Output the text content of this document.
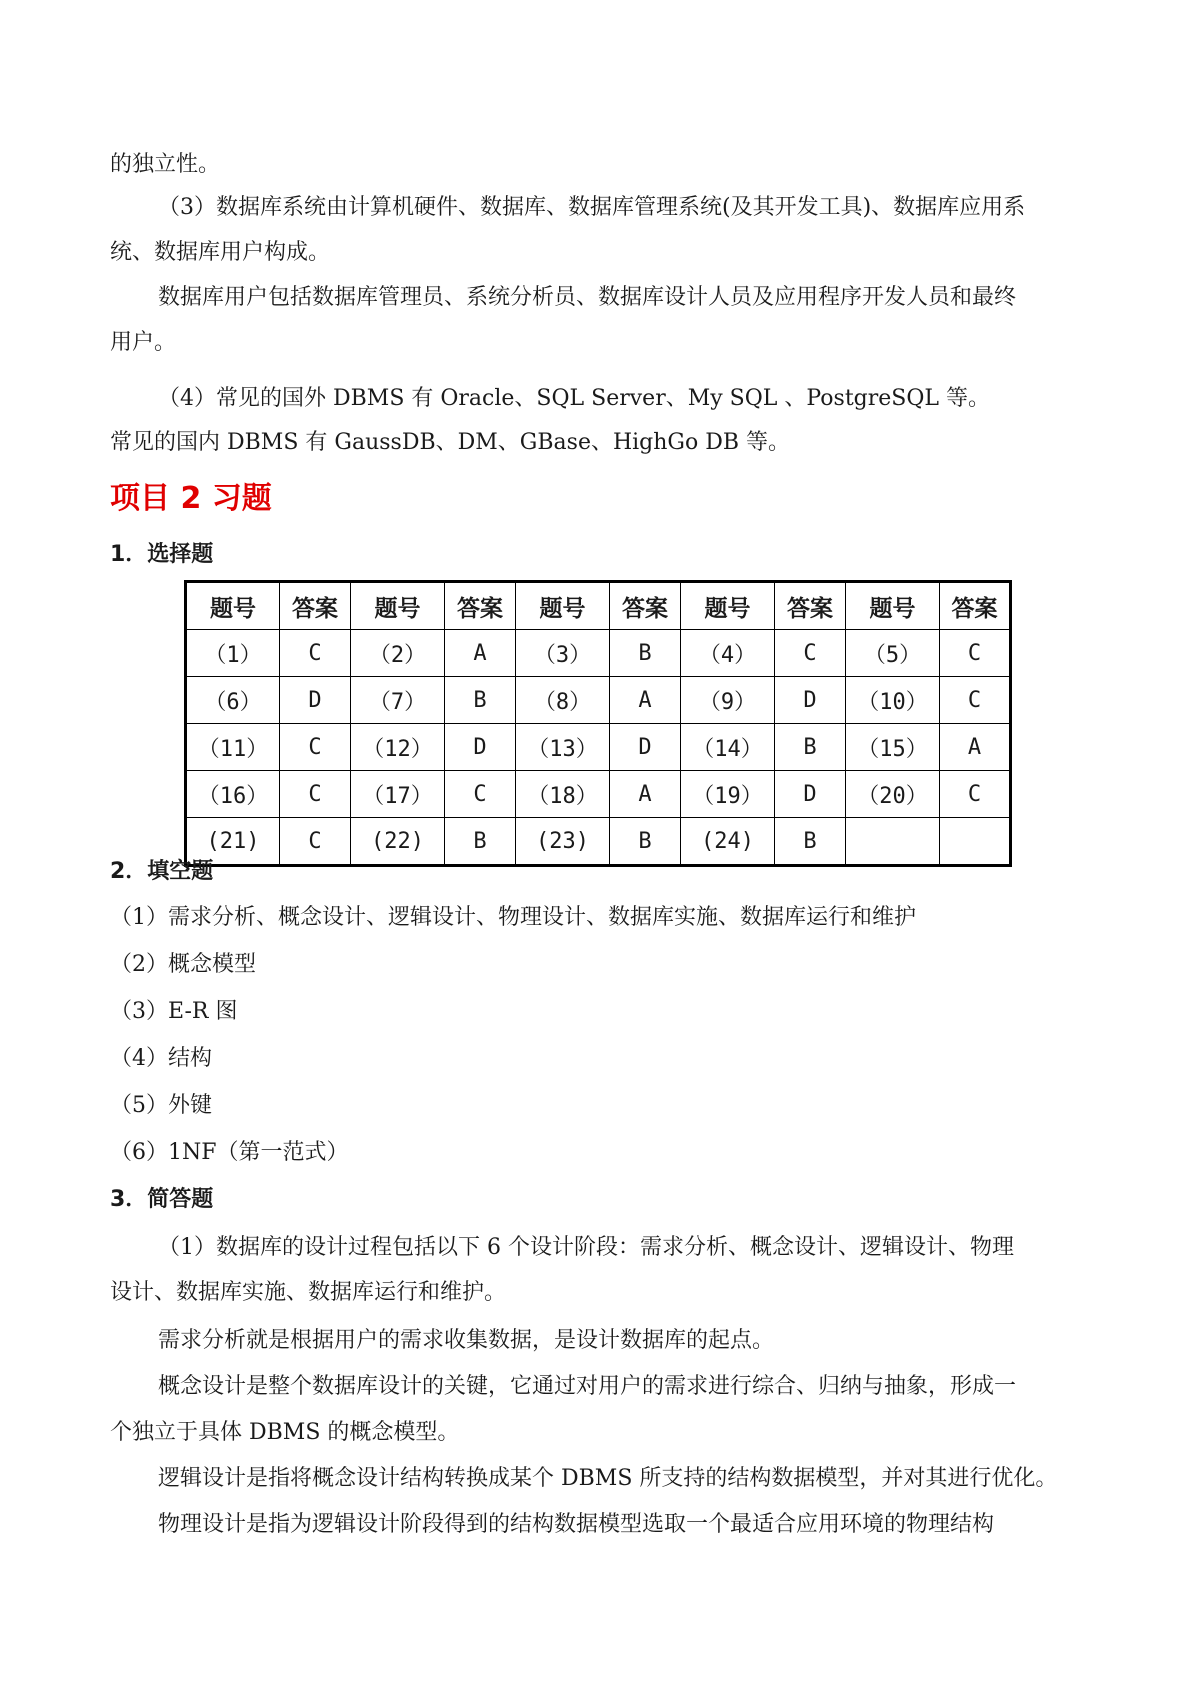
的独立性。
（3）数据库系统由计算机硬件、数据库、数据库管理系统(及其开发工具)、数据库应用系
统、数据库用户构成。
数据库用户包括数据库管理员、系统分析员、数据库设计人员及应用程序开发人员和最终
用户。
（4）常见的国外 DBMS 有 Oracle、SQL Server、My SQL 、PostgreSQL 等。
常见的国内 DBMS 有 GaussDB、DM、GBase、HighGo DB 等。
项目 2 习题
1．选择题
题号	答案	题号	答案	题号	答案	题号	答案	题号	答案
（1）	C	（2）	A	（3）	B	（4）	C	（5）	C
（6）	D	（7）	B	（8）	A	（9）	D	（10）	C
（11）	C	（12）	D	（13）	D	（14）	B	（15）	A
（16）	C	（17）	C	（18）	A	（19）	D	（20）	C
(21)	C	(22)	B	(23)	B	(24)	B		
2．填空题
（1）需求分析、概念设计、逻辑设计、物理设计、数据库实施、数据库运行和维护
（2）概念模型
（3）E-R 图
（4）结构
（5）外键
（6）1NF（第一范式）
3．简答题
（1）数据库的设计过程包括以下 6 个设计阶段：需求分析、概念设计、逻辑设计、物理
设计、数据库实施、数据库运行和维护。
需求分析就是根据用户的需求收集数据，是设计数据库的起点。
概念设计是整个数据库设计的关键，它通过对用户的需求进行综合、归纳与抽象，形成一
个独立于具体 DBMS 的概念模型。
逻辑设计是指将概念设计结构转换成某个 DBMS 所支持的结构数据模型，并对其进行优化。
物理设计是指为逻辑设计阶段得到的结构数据模型选取一个最适合应用环境的物理结构
